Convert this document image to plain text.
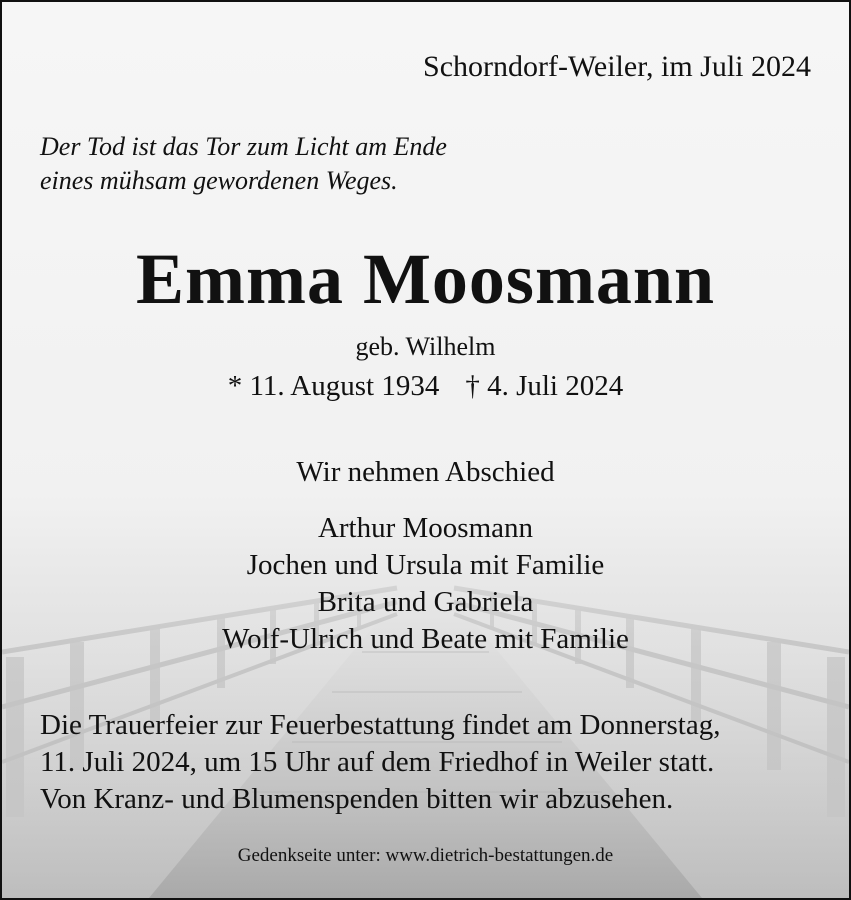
Schorndorf-Weiler, im Juli 2024
Der Tod ist das Tor zum Licht am Ende
eines mühsam gewordenen Weges.
Emma Moosmann
geb. Wilhelm
* 11. August 1934 † 4. Juli 2024
Wir nehmen Abschied
Arthur Moosmann
Jochen und Ursula mit Familie
Brita und Gabriela
Wolf-Ulrich und Beate mit Familie
Die Trauerfeier zur Feuerbestattung findet am Donnerstag,
11. Juli 2024, um 15 Uhr auf dem Friedhof in Weiler statt.
Von Kranz- und Blumenspenden bitten wir abzusehen.
Gedenkseite unter: www.dietrich-bestattungen.de
